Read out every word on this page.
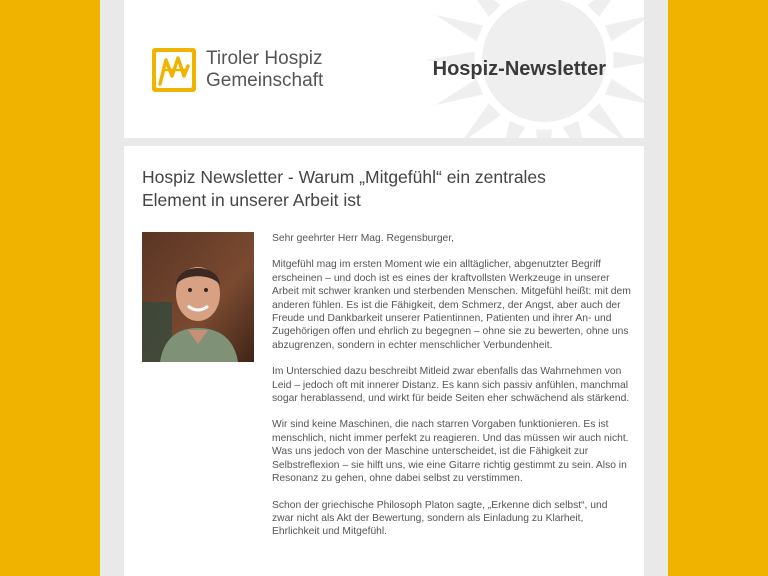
Tiroler Hospiz
Gemeinschaft
Hospiz-Newsletter
Hospiz Newsletter - Warum „Mitgefühl“ ein zentrales Element in unserer Arbeit ist

Sehr geehrter Herr Mag. Regensburger,

Mitgefühl mag im ersten Moment wie ein alltäglicher, abgenutzter Begriff erscheinen – und doch ist es eines der kraftvollsten Werkzeuge in unserer Arbeit mit schwer kranken und sterbenden Menschen. Mitgefühl heißt: mit dem anderen fühlen. Es ist die Fähigkeit, dem Schmerz, der Angst, aber auch der Freude und Dankbarkeit unserer Patientinnen, Patienten und ihrer An- und Zugehörigen offen und ehrlich zu begegnen – ohne sie zu bewerten, ohne uns abzugrenzen, sondern in echter menschlicher Verbundenheit.

Im Unterschied dazu beschreibt Mitleid zwar ebenfalls das Wahrnehmen von Leid – jedoch oft mit innerer Distanz. Es kann sich passiv anfühlen, manchmal sogar herablassend, und wirkt für beide Seiten eher schwächend als stärkend.

Wir sind keine Maschinen, die nach starren Vorgaben funktionieren. Es ist menschlich, nicht immer perfekt zu reagieren. Und das müssen wir auch nicht. Was uns jedoch von der Maschine unterscheidet, ist die Fähigkeit zur Selbstreflexion – sie hilft uns, wie eine Gitarre richtig gestimmt zu sein. Also in Resonanz zu gehen, ohne dabei selbst zu verstimmen.

Schon der griechische Philosoph Platon sagte, „Erkenne dich selbst“, und zwar nicht als Akt der Bewertung, sondern als Einladung zu Klarheit, Ehrlichkeit und Mitgefühl.
